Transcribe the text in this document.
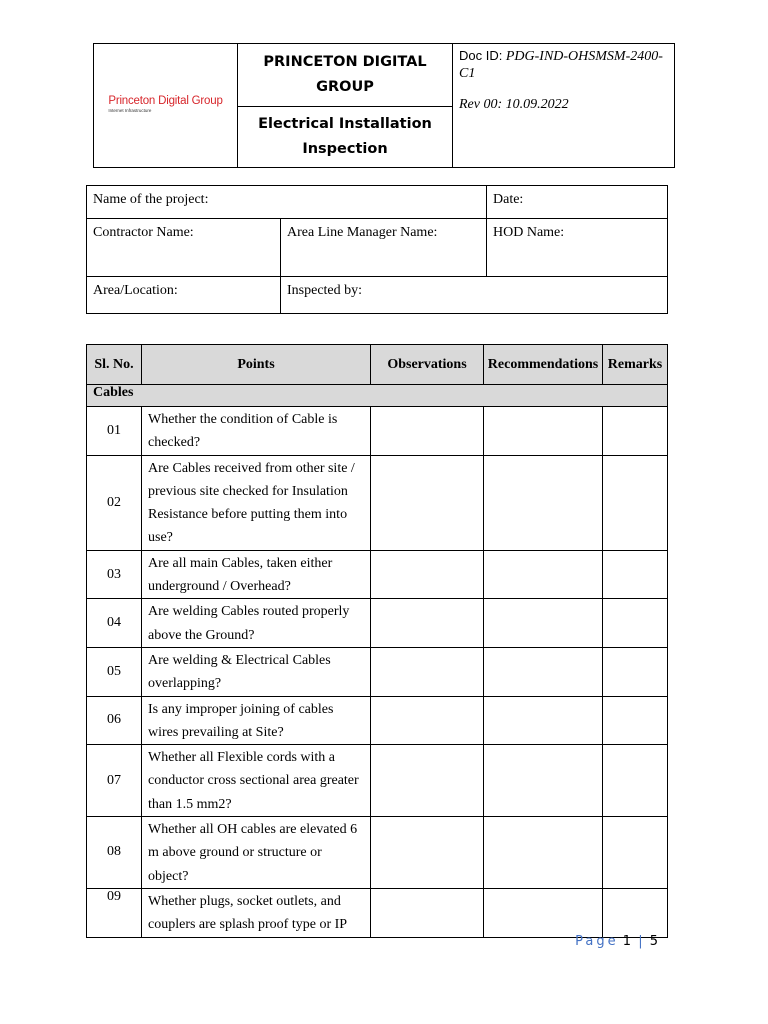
Princeton Digital Group
Internet Infrastructure
	PRINCETON DIGITAL GROUP	
Doc ID: PDG-IND-OHSMSM-2400-C1
Rev 00: 10.09.2022

Electrical Installation Inspection
Name of the project:		Date:
Contractor Name:	Area Line Manager Name:	HOD Name:
Area/Location:	Inspected by:	
Sl. No.	Points	Observations	Recommendations	Remarks
Cables				
01	Whether the condition of Cable is checked?			
02	Are Cables received from other site / previous site checked for Insulation Resistance before putting them into use?			
03	Are all main Cables, taken either underground / Overhead?			
04	Are welding Cables routed properly above the Ground?			
05	Are welding & Electrical Cables overlapping?			
06	Is any improper joining of cables wires prevailing at Site?			
07	Whether all Flexible cords with a conductor cross sectional area greater than 1.5 mm2?			
08	Whether all OH cables are elevated 6 m above ground or structure or object?			
09	Whether plugs, socket outlets, and couplers are splash proof type or IP			
Page 1 | 5
